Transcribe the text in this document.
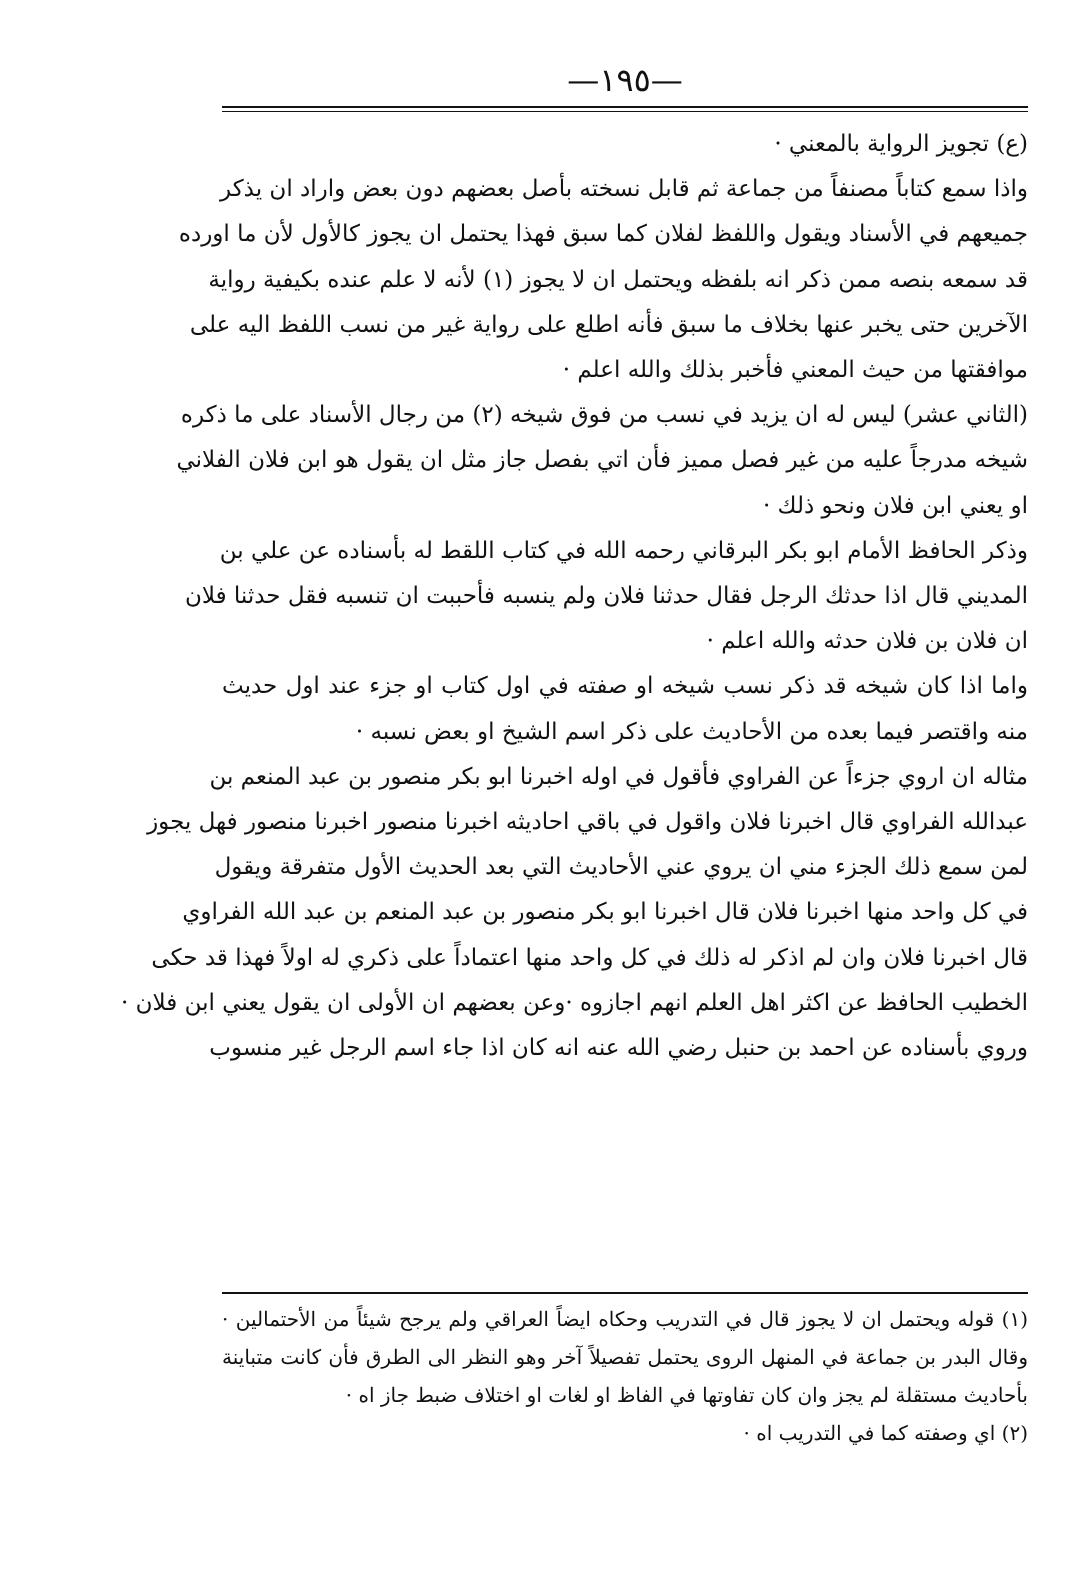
—١٩٥—
(ع) تجويز الرواية بالمعني ·
واذا سمع كتاباً مصنفاً من جماعة ثم قابل نسخته بأصل بعضهم دون بعض واراد ان يذكر
جميعهم في الأسناد ويقول واللفظ لفلان كما سبق فهذا يحتمل ان يجوز كالأول لأن ما اورده
قد سمعه بنصه ممن ذكر انه بلفظه ويحتمل ان لا يجوز (١) لأنه لا علم عنده بكيفية رواية
الآخرين حتى يخبر عنها بخلاف ما سبق فأنه اطلع على رواية غير من نسب اللفظ اليه على
موافقتها من حيث المعني فأخبر بذلك والله اعلم ·
(الثاني عشر) ليس له ان يزيد في نسب من فوق شيخه (٢) من رجال الأسناد على ما ذكره
شيخه مدرجاً عليه من غير فصل مميز فأن اتي بفصل جاز مثل ان يقول هو ابن فلان الفلاني
او يعني ابن فلان ونحو ذلك ·
وذكر الحافظ الأمام ابو بكر البرقاني رحمه الله في كتاب اللقط له بأسناده عن علي بن
المديني قال اذا حدثك الرجل فقال حدثنا فلان ولم ينسبه فأحببت ان تنسبه فقل حدثنا فلان
ان فلان بن فلان حدثه والله اعلم ·
واما اذا كان شيخه قد ذكر نسب شيخه او صفته في اول كتاب او جزء عند اول حديث
منه واقتصر فيما بعده من الأحاديث على ذكر اسم الشيخ او بعض نسبه ·
مثاله ان اروي جزءاً عن الفراوي فأقول في اوله اخبرنا ابو بكر منصور بن عبد المنعم بن
عبدالله الفراوي قال اخبرنا فلان واقول في باقي احاديثه اخبرنا منصور اخبرنا منصور فهل يجوز
لمن سمع ذلك الجزء مني ان يروي عني الأحاديث التي بعد الحديث الأول متفرقة ويقول
في كل واحد منها اخبرنا فلان قال اخبرنا ابو بكر منصور بن عبد المنعم بن عبد الله الفراوي
قال اخبرنا فلان وان لم اذكر له ذلك في كل واحد منها اعتماداً على ذكري له اولاً فهذا قد حكى
الخطيب الحافظ عن اكثر اهل العلم انهم اجازوه ·وعن بعضهم ان الأولى ان يقول يعني ابن فلان ·
وروي بأسناده عن احمد بن حنبل رضي الله عنه انه كان اذا جاء اسم الرجل غير منسوب
(١) قوله ويحتمل ان لا يجوز قال في التدريب وحكاه ايضاً العراقي ولم يرجح شيئاً من الأحتمالين ·
وقال البدر بن جماعة في المنهل الروى يحتمل تفصيلاً آخر وهو النظر الى الطرق فأن كانت متباينة
بأحاديث مستقلة لم يجز وان كان تفاوتها في الفاظ او لغات او اختلاف ضبط جاز اه ·
(٢) اي وصفته كما في التدريب اه ·
